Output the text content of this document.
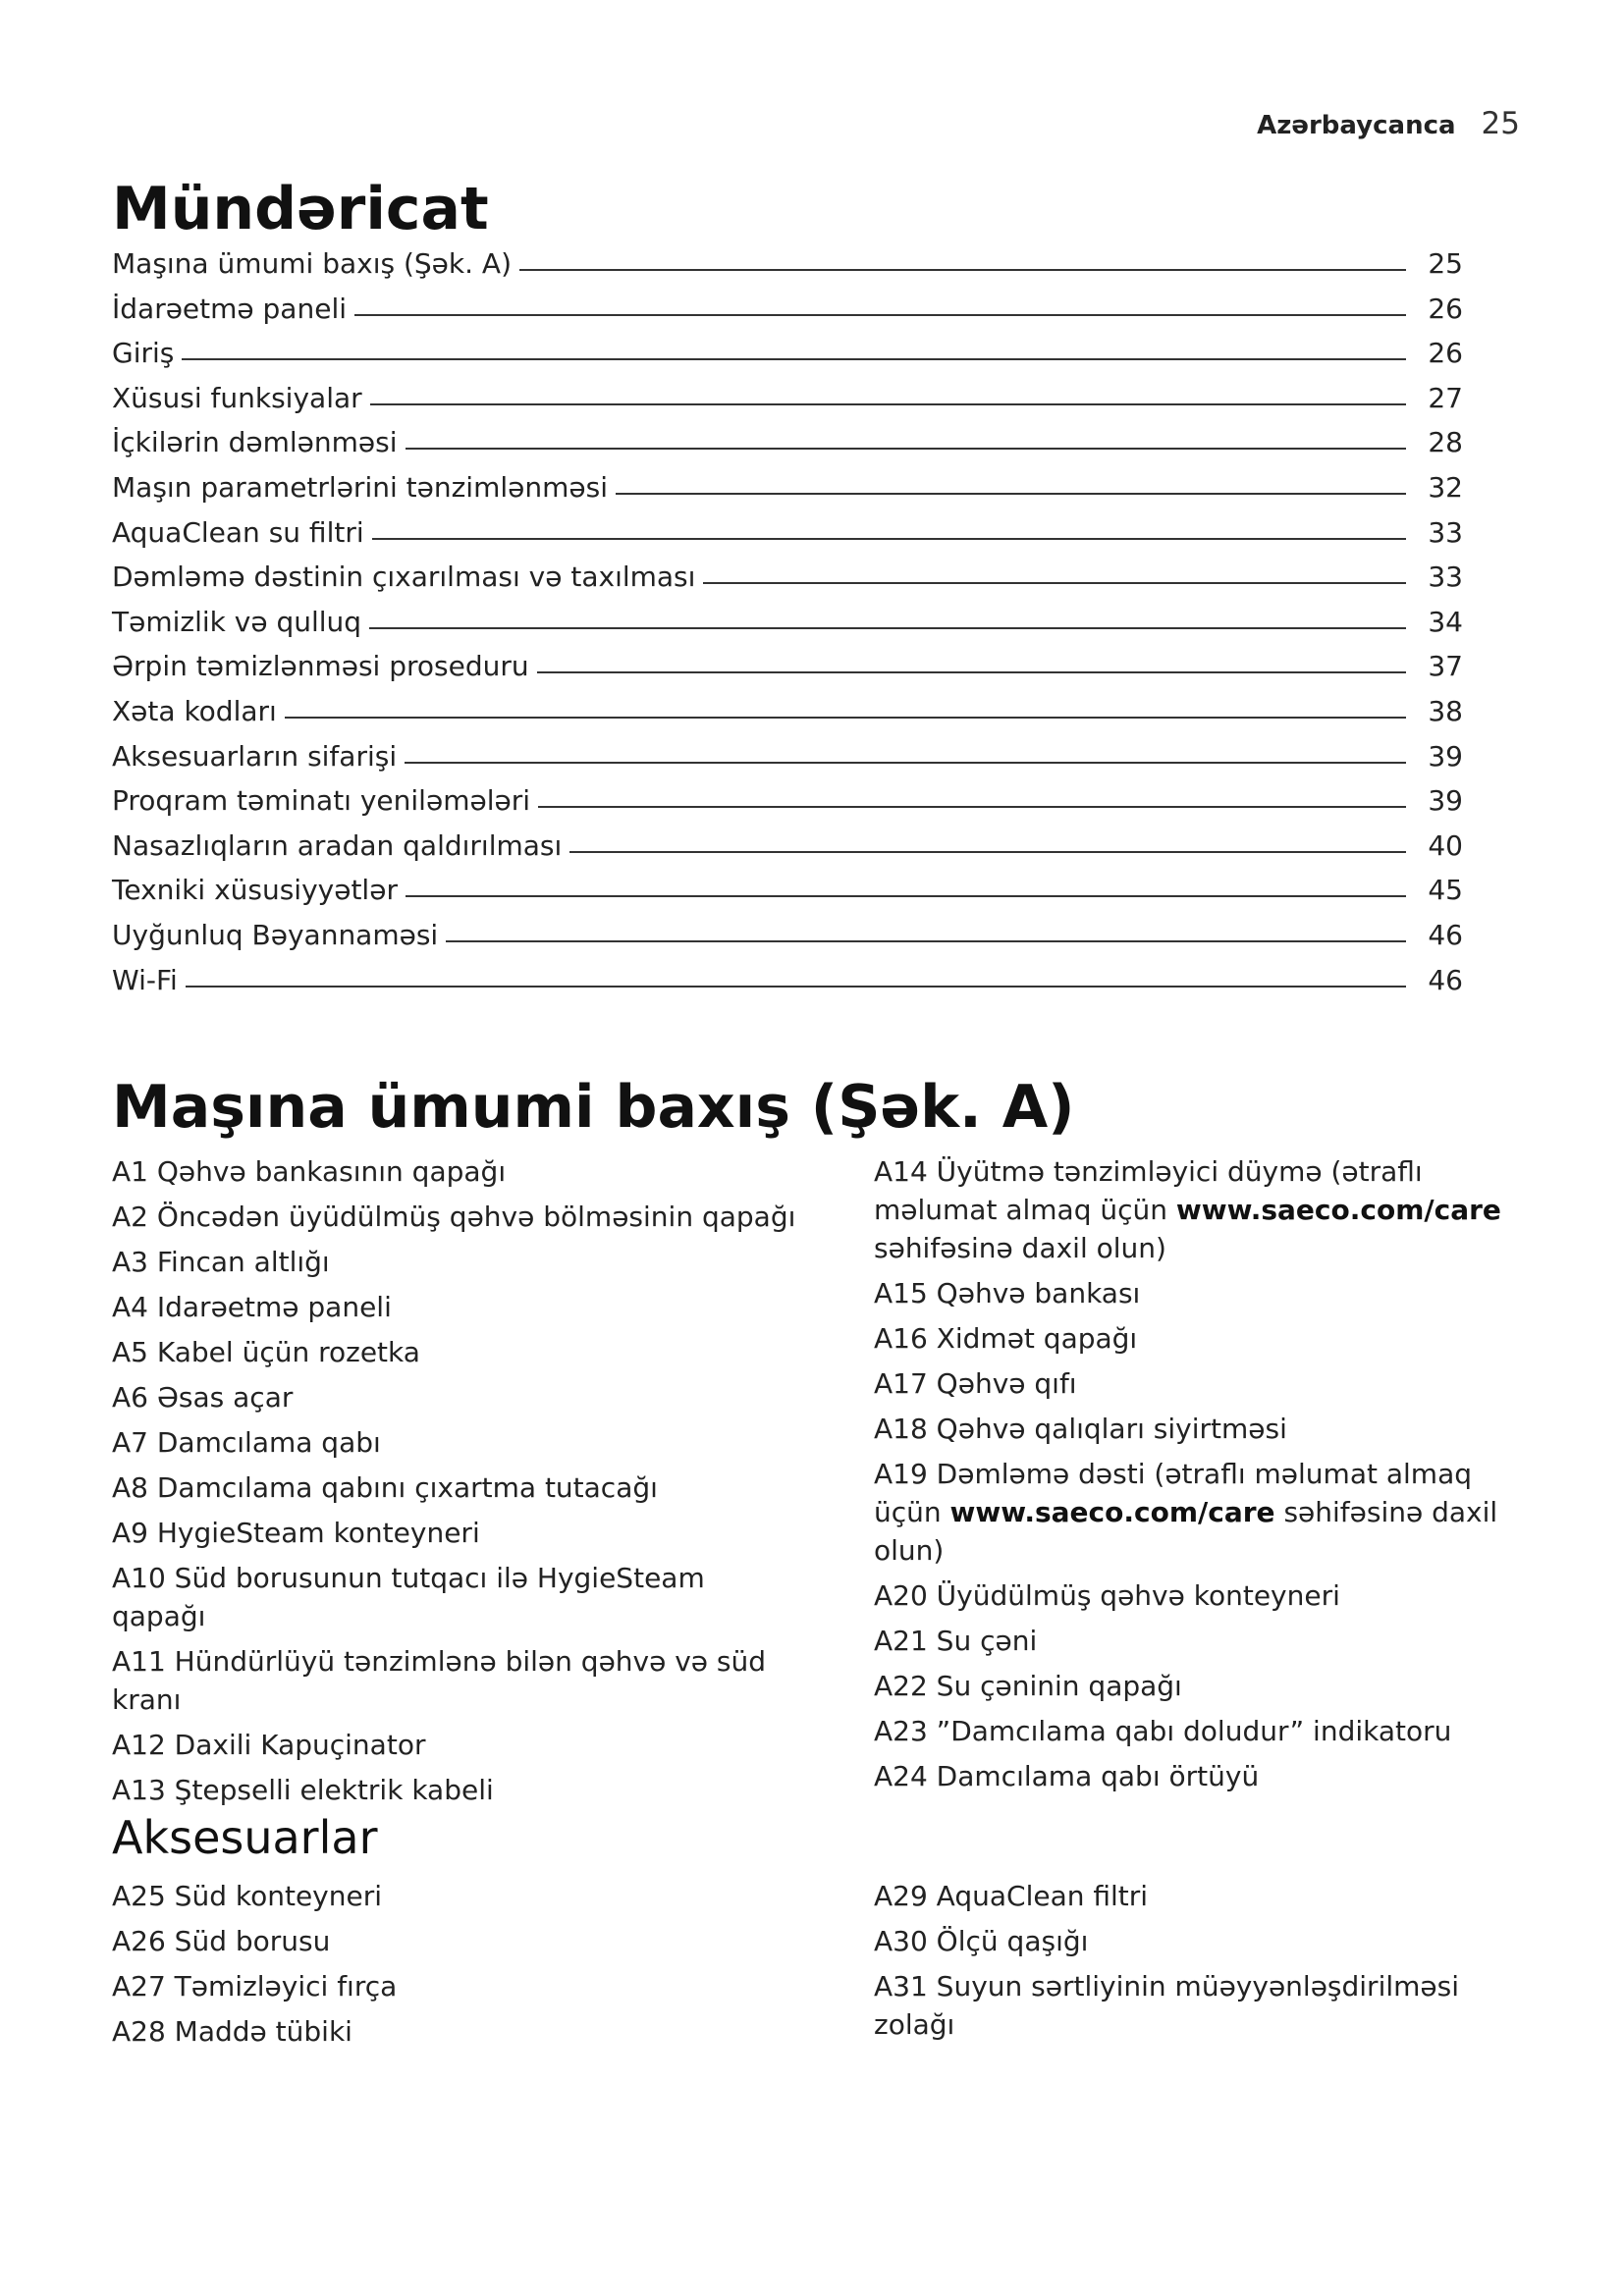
Azərbaycanca 25
Mündəricat
Maşına ümumi baxış (Şək. A)	25
İdarəetmə paneli	26
Giriş	26
Xüsusi funksiyalar	27
İçkilərin dəmlənməsi	28
Maşın parametrlərini tənzimlənməsi	32
AquaClean su filtri	33
Dəmləmə dəstinin çıxarılması və taxılması	33
Təmizlik və qulluq	34
Ərpin təmizlənməsi proseduru	37
Xəta kodları	38
Aksesuarların sifarişi	39
Proqram təminatı yeniləmələri	39
Nasazlıqların aradan qaldırılması	40
Texniki xüsusiyyətlər	45
Uyğunluq Bəyannaməsi	46
Wi-Fi	46
Maşına ümumi baxış (Şək. A)
A1 Qəhvə bankasının qapağı
A2 Öncədən üyüdülmüş qəhvə bölməsinin qapağı
A3 Fincan altlığı
A4 Idarəetmə paneli
A5 Kabel üçün rozetka
A6 Əsas açar
A7 Damcılama qabı
A8 Damcılama qabını çıxartma tutacağı
A9 HygieSteam konteyneri
A10 Süd borusunun tutqacı ilə HygieSteam qapağı
A11 Hündürlüyü tənzimlənə bilən qəhvə və süd kranı
A12 Daxili Kapuçinator
A13 Ştepselli elektrik kabeli
A14 Üyütmə tənzimləyici düymə (ətraflı məlumat almaq üçün www.saeco.com/care səhifəsinə daxil olun)
A15 Qəhvə bankası
A16 Xidmət qapağı
A17 Qəhvə qıfı
A18 Qəhvə qalıqları siyirtməsi
A19 Dəmləmə dəsti (ətraflı məlumat almaq üçün www.saeco.com/care səhifəsinə daxil olun)
A20 Üyüdülmüş qəhvə konteyneri
A21 Su çəni
A22 Su çəninin qapağı
A23 ”Damcılama qabı doludur” indikatoru
A24 Damcılama qabı örtüyü
Aksesuarlar
A25 Süd konteyneri
A26 Süd borusu
A27 Təmizləyici fırça
A28 Maddə tübiki
A29 AquaClean filtri
A30 Ölçü qaşığı
A31 Suyun sərtliyinin müəyyənləşdirilməsi zolağı
